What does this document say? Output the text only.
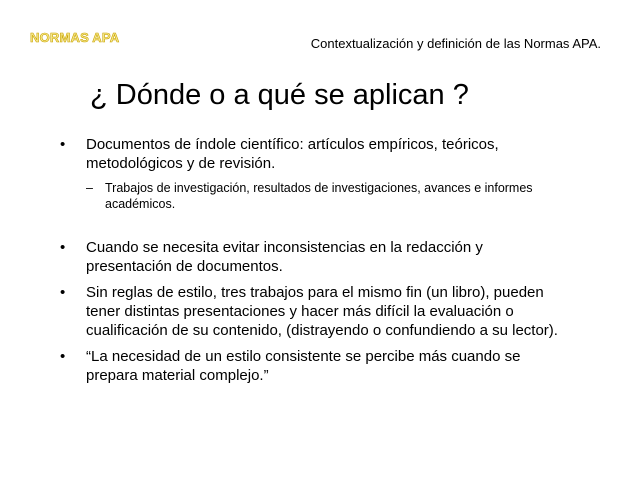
NORMAS APA	Contextualización y definición de las Normas APA.
¿ Dónde o a qué se aplican ?
•	Documentos de índole científico: artículos empíricos, teóricos, metodológicos y de revisión.
– Trabajos de investigación, resultados de investigaciones, avances e informes académicos.
•	Cuando se necesita evitar inconsistencias en la redacción y presentación de documentos.
•	Sin reglas de estilo, tres trabajos para el mismo fin (un libro), pueden tener distintas presentaciones y hacer más difícil la evaluación o cualificación de su contenido, (distrayendo o confundiendo a su lector).
•	“La necesidad de un estilo consistente se percibe más cuando se prepara material complejo.”
